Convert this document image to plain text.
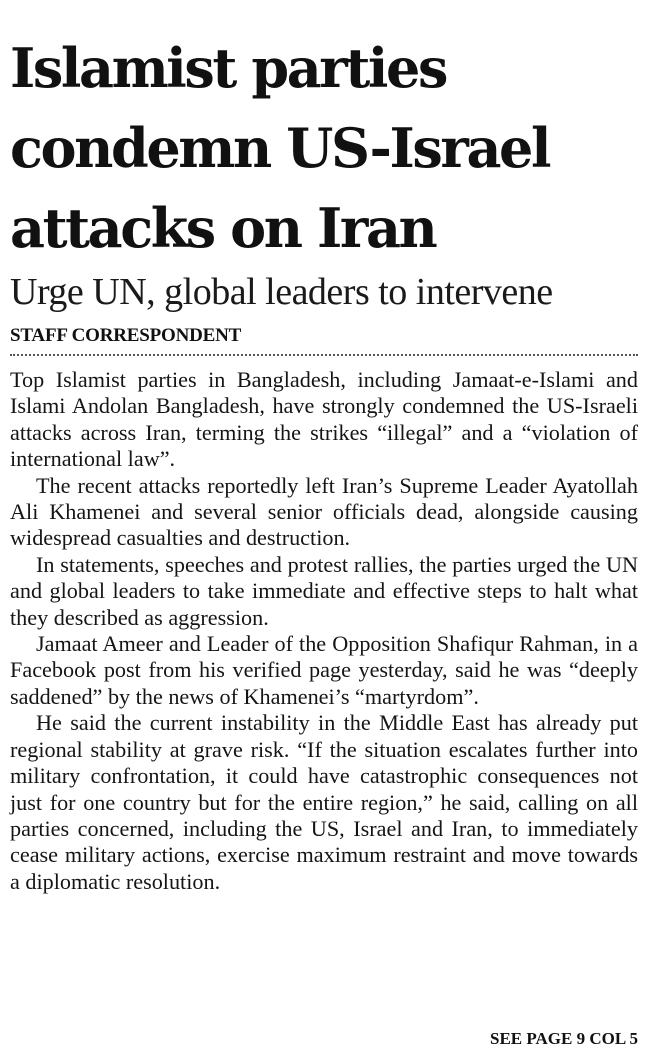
Islamist parties
condemn US-Israel
attacks on Iran
Urge UN, global leaders to intervene
STAFF CORRESPONDENT

Top Islamist parties in Bangladesh, including Jamaat-e-Islami and Islami Andolan Bangladesh, have strongly condemned the US-Israeli attacks across Iran, terming the strikes “illegal” and a “violation of international law”.

The recent attacks reportedly left Iran’s Supreme Leader Ayatollah Ali Khamenei and several senior officials dead, alongside causing widespread casualties and destruction.

In statements, speeches and protest rallies, the parties urged the UN and global leaders to take immediate and effective steps to halt what they described as aggression.

Jamaat Ameer and Leader of the Opposition Shafiqur Rahman, in a Facebook post from his verified page yesterday, said he was “deeply saddened” by the news of Khamenei’s “martyrdom”.

He said the current instability in the Middle East has already put regional stability at grave risk. “If the situation escalates further into military confrontation, it could have catastrophic consequences not just for one country but for the entire region,” he said, calling on all parties concerned, including the US, Israel and Iran, to immediately cease military actions, exercise maximum restraint and move towards a diplomatic resolution.

SEE PAGE 9 COL 5
